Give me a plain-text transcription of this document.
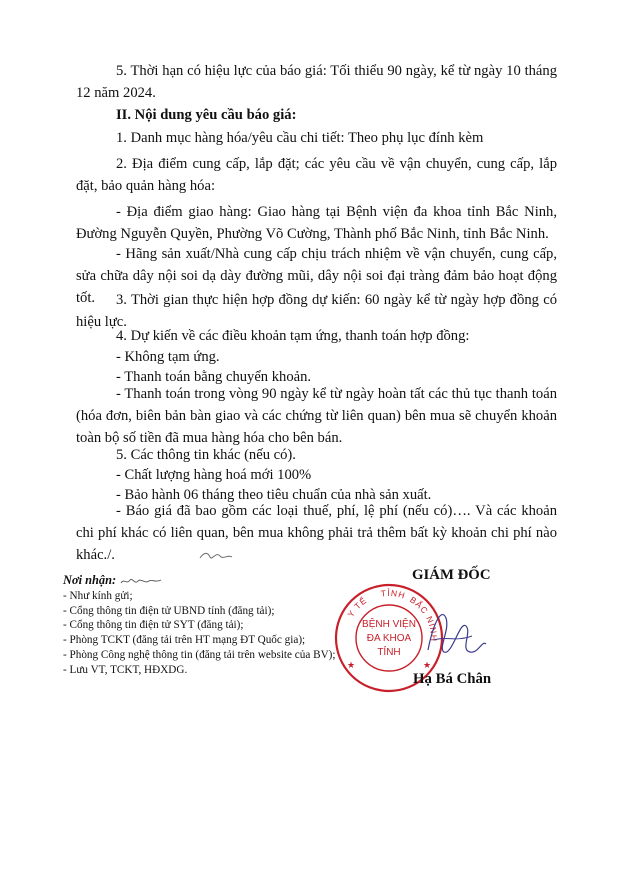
5. Thời hạn có hiệu lực của báo giá: Tối thiểu 90 ngày, kể từ ngày 10 tháng 12 năm 2024.

II. Nội dung yêu cầu báo giá:

1. Danh mục hàng hóa/yêu cầu chi tiết: Theo phụ lục đính kèm

2. Địa điểm cung cấp, lắp đặt; các yêu cầu về vận chuyển, cung cấp, lắp đặt, bảo quản hàng hóa:

- Địa điểm giao hàng: Giao hàng tại Bệnh viện đa khoa tỉnh Bắc Ninh, Đường Nguyễn Quyền, Phường Võ Cường, Thành phố Bắc Ninh, tỉnh Bắc Ninh.

- Hãng sản xuất/Nhà cung cấp chịu trách nhiệm về vận chuyển, cung cấp, sửa chữa dây nội soi dạ dày đường mũi, dây nội soi đại tràng đảm bảo hoạt động tốt.	3. Thời gian thực hiện hợp đồng dự kiến: 60 ngày kể từ ngày hợp đồng có hiệu lực.

4. Dự kiến về các điều khoản tạm ứng, thanh toán hợp đồng:

- Không tạm ứng.

- Thanh toán bằng chuyển khoản.

- Thanh toán trong vòng 90 ngày kể từ ngày hoàn tất các thủ tục thanh toán (hóa đơn, biên bản bàn giao và các chứng từ liên quan) bên mua sẽ chuyển khoản toàn bộ số tiền đã mua hàng hóa cho bên bán.

5. Các thông tin khác (nếu có).

- Chất lượng hàng hoá mới 100%

- Bảo hành 06 tháng theo tiêu chuẩn của nhà sản xuất.

- Báo giá đã bao gồm các loại thuế, phí, lệ phí (nếu có)…. Và các khoản chi phí khác có liên quan, bên mua không phải trả thêm bất kỳ khoản chi phí nào khác./.

Nơi nhận:
- Như kính gửi;
- Cổng thông tin điện tử UBND tỉnh (đăng tải);
- Cổng thông tin điện tử SYT (đăng tải);
- Phòng TCKT (đăng tải trên HT mạng ĐT Quốc gia);
- Phòng Công nghệ thông tin (đăng tải trên website của BV);
- Lưu VT, TCKT, HĐXDG.
GIÁM ĐỐC
Y TẾ
TỈNH BẮC NINH
BỆNH VIỆN
ĐA KHOA
TỈNH
★	★
Hạ Bá Chân
